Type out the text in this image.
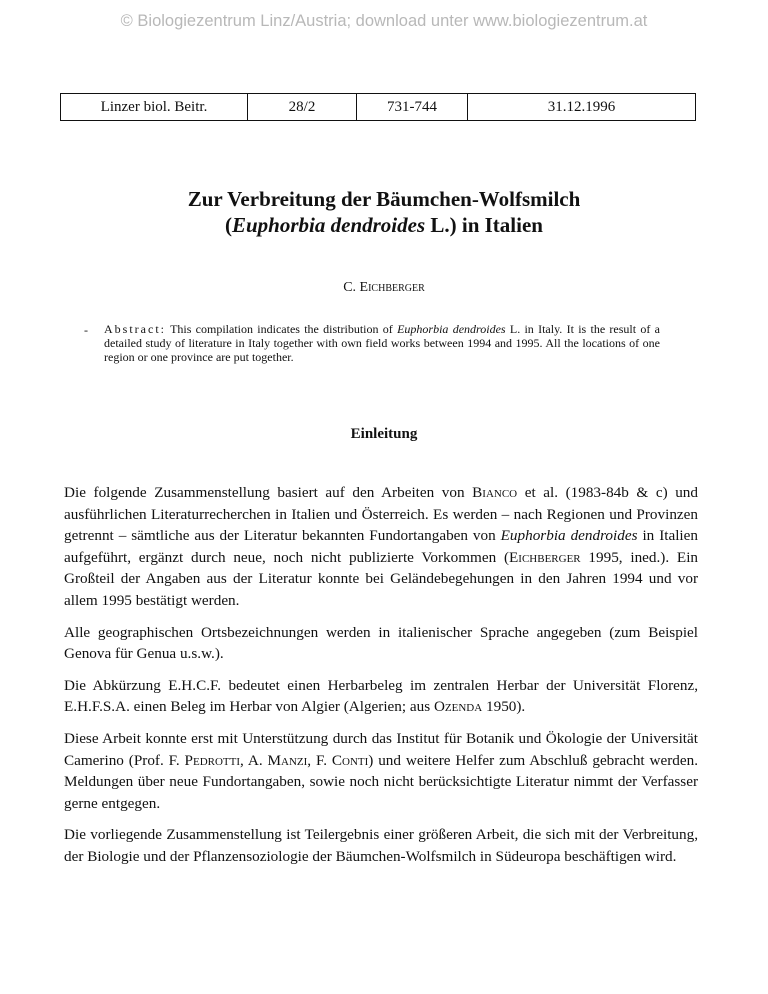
© Biologiezentrum Linz/Austria; download unter www.biologiezentrum.at
Linzer biol. Beitr.	28/2	731-744	31.12.1996
Zur Verbreitung der Bäumchen-Wolfsmilch
(Euphorbia dendroides L.) in Italien
C. Eichberger
- Abstract: This compilation indicates the distribution of Euphorbia dendroides L. in Italy. It is the result of a detailed study of literature in Italy together with own field works between 1994 and 1995. All the locations of one region or one province are put together.
Einleitung

Die folgende Zusammenstellung basiert auf den Arbeiten von Bianco et al. (1983-84b & c) und ausführlichen Literaturrecherchen in Italien und Österreich. Es werden – nach Regionen und Provinzen getrennt – sämtliche aus der Literatur bekannten Fundortangaben von Euphorbia dendroides in Italien aufgeführt, ergänzt durch neue, noch nicht publizierte Vorkommen (Eichberger 1995, ined.). Ein Großteil der Angaben aus der Literatur konnte bei Geländebegehungen in den Jahren 1994 und vor allem 1995 bestätigt werden.

Alle geographischen Ortsbezeichnungen werden in italienischer Sprache angegeben (zum Beispiel Genova für Genua u.s.w.).

Die Abkürzung E.H.C.F. bedeutet einen Herbarbeleg im zentralen Herbar der Universität Florenz, E.H.F.S.A. einen Beleg im Herbar von Algier (Algerien; aus Ozenda 1950).

Diese Arbeit konnte erst mit Unterstützung durch das Institut für Botanik und Ökologie der Universität Camerino (Prof. F. Pedrotti, A. Manzi, F. Conti) und weitere Helfer zum Abschluß gebracht werden. Meldungen über neue Fundortangaben, sowie noch nicht berücksichtigte Literatur nimmt der Verfasser gerne entgegen.

Die vorliegende Zusammenstellung ist Teilergebnis einer größeren Arbeit, die sich mit der Verbreitung, der Biologie und der Pflanzensoziologie der Bäumchen-Wolfsmilch in Südeuropa beschäftigen wird.
